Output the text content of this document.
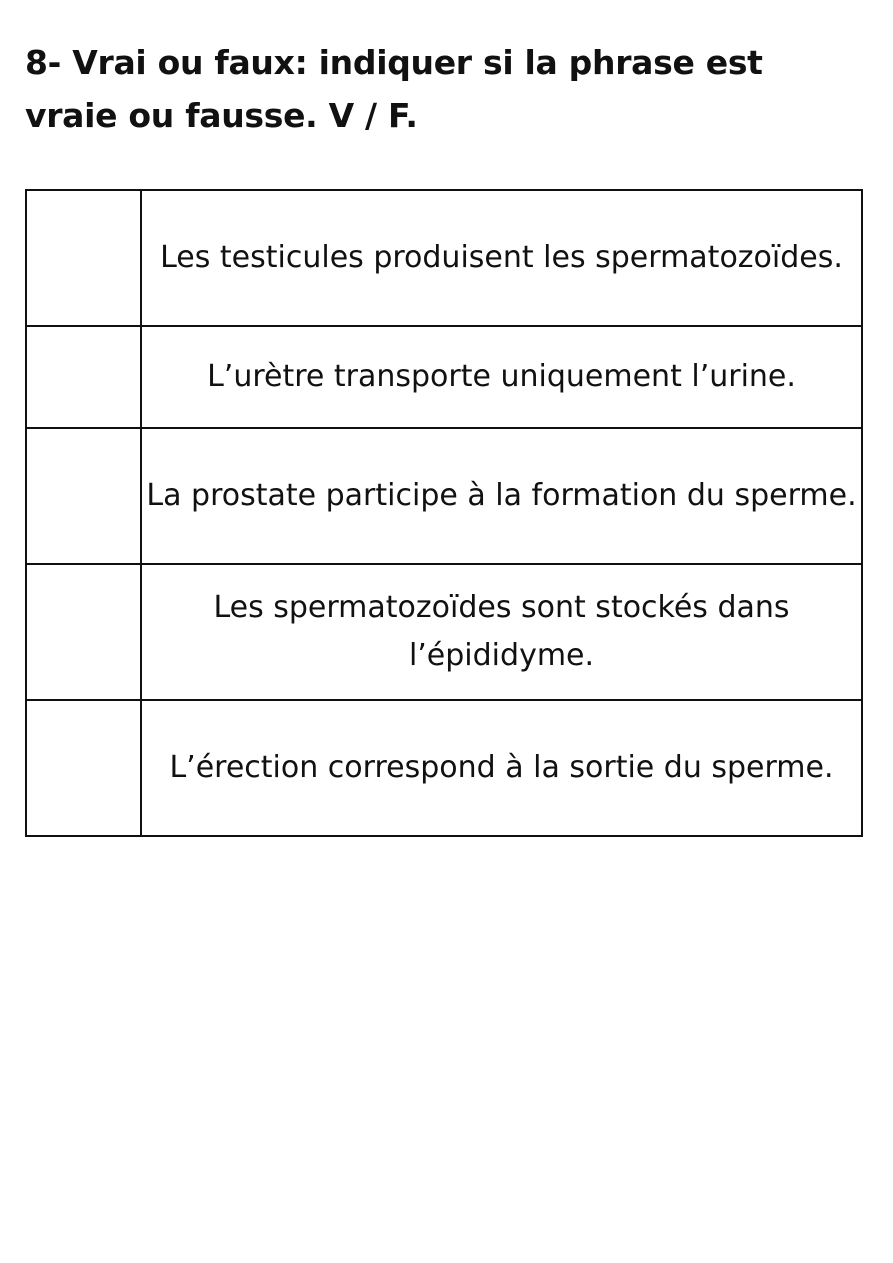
8- Vrai ou faux: indiquer si la phrase est vraie ou fausse. V / F.
	Les testicules produisent les spermatozoïdes.
	L’urètre transporte uniquement l’urine.
	La prostate participe à la formation du sperme.
	Les spermatozoïdes sont stockés dans l’épididyme.
	L’érection correspond à la sortie du sperme.
